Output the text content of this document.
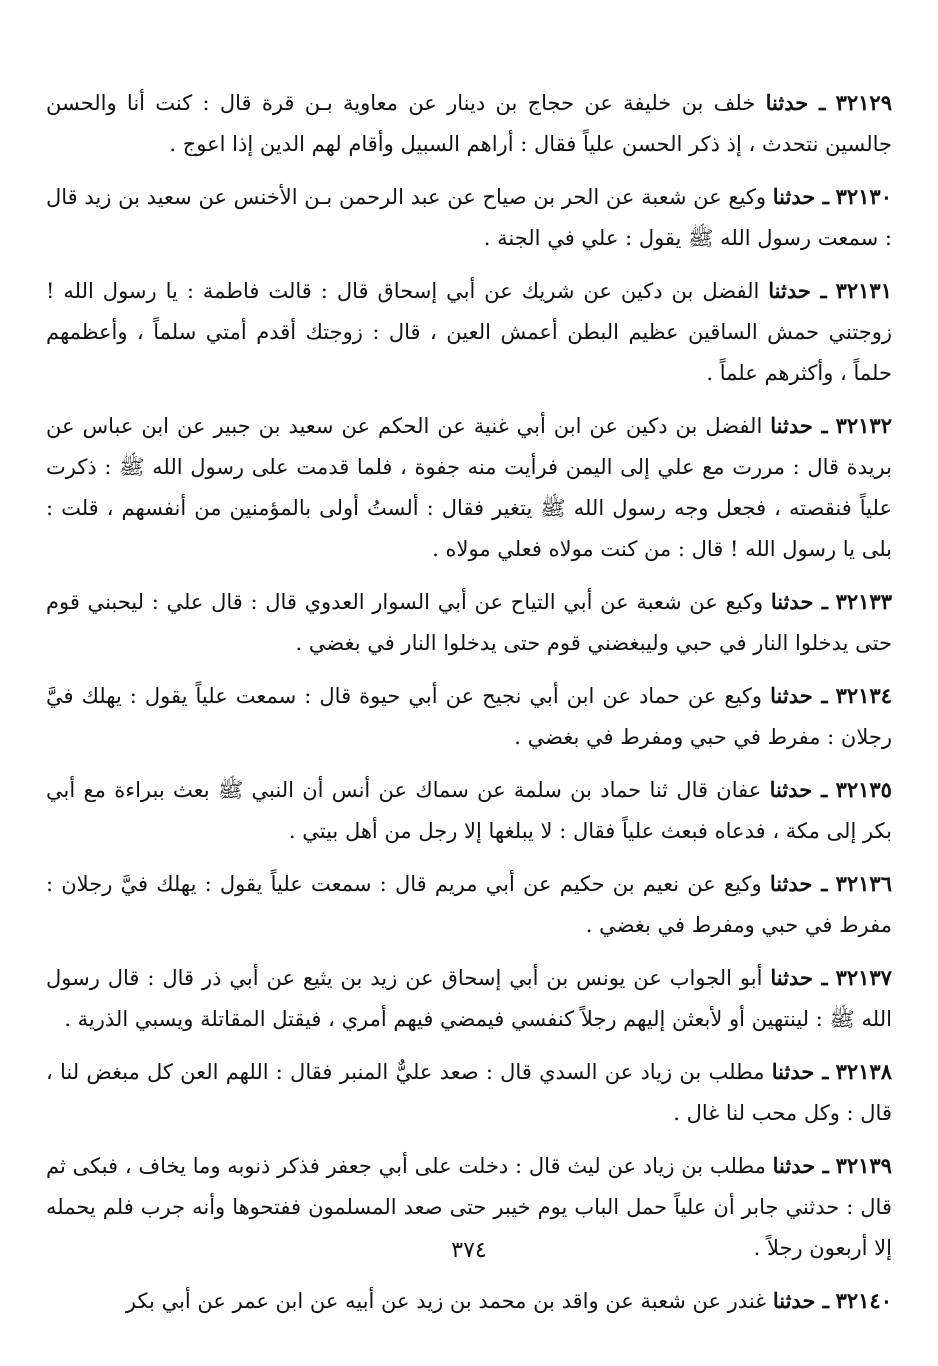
٣٢١٢٩ ـ حدثنا خلف بن خليفة عن حجاج بن دينار عن معاوية بـن قرة قال : كنت أنا والحسن جالسين نتحدث ، إذ ذكر الحسن علياً فقال : أراهم السبيل وأقام لهم الدين إذا اعوج .

٣٢١٣٠ ـ حدثنا وكيع عن شعبة عن الحر بن صياح عن عبد الرحمن بـن الأخنس عن سعيد بن زيد قال : سمعت رسول الله ﷺ يقول : علي في الجنة .

٣٢١٣١ ـ حدثنا الفضل بن دكين عن شريك عن أبي إسحاق قال : قالت فاطمة : يا رسول الله ! زوجتني حمش الساقين عظيم البطن أعمش العين ، قال : زوجتك أقدم أمتي سلماً ، وأعظمهم حلماً ، وأكثرهم علماً .

٣٢١٣٢ ـ حدثنا الفضل بن دكين عن ابن أبي غنية عن الحكم عن سعيد بن جبير عن ابن عباس عن بريدة قال : مررت مع علي إلى اليمن فرأيت منه جفوة ، فلما قدمت على رسول الله ﷺ : ذكرت علياً فنقصته ، فجعل وجه رسول الله ﷺ يتغير فقال : ألستُ أولى بالمؤمنين من أنفسهم ، قلت : بلى يا رسول الله ! قال : من كنت مولاه فعلي مولاه .

٣٢١٣٣ ـ حدثنا وكيع عن شعبة عن أبي التياح عن أبي السوار العدوي قال : قال علي : ليحبني قوم حتى يدخلوا النار في حبي وليبغضني قوم حتى يدخلوا النار في بغضي .

٣٢١٣٤ ـ حدثنا وكيع عن حماد عن ابن أبي نجيح عن أبي حيوة قال : سمعت علياً يقول : يهلك فيَّ رجلان : مفرط في حبي ومفرط في بغضي .

٣٢١٣٥ ـ حدثنا عفان قال ثنا حماد بن سلمة عن سماك عن أنس أن النبي ﷺ بعث ببراءة مع أبي بكر إلى مكة ، فدعاه فبعث علياً فقال : لا يبلغها إلا رجل من أهل بيتي .

٣٢١٣٦ ـ حدثنا وكيع عن نعيم بن حكيم عن أبي مريم قال : سمعت علياً يقول : يهلك فيَّ رجلان : مفرط في حبي ومفرط في بغضي .

٣٢١٣٧ ـ حدثنا أبو الجواب عن يونس بن أبي إسحاق عن زيد بن يثيع عن أبي ذر قال : قال رسول الله ﷺ : لينتهين أو لأبعثن إليهم رجلاً كنفسي فيمضي فيهم أمري ، فيقتل المقاتلة ويسبي الذرية .

٣٢١٣٨ ـ حدثنا مطلب بن زياد عن السدي قال : صعد عليٌّ المنبر فقال : اللهم العن كل مبغض لنا ، قال : وكل محب لنا غال .

٣٢١٣٩ ـ حدثنا مطلب بن زياد عن ليث قال : دخلت على أبي جعفر فذكر ذنوبه وما يخاف ، فبكى ثم قال : حدثني جابر أن علياً حمل الباب يوم خيبر حتى صعد المسلمون ففتحوها وأنه جرب فلم يحمله إلا أربعون رجلاً .

٣٢١٤٠ ـ حدثنا غندر عن شعبة عن واقد بن محمد بن زيد عن أبيه عن ابن عمر عن أبي بكر

٣٧٤
